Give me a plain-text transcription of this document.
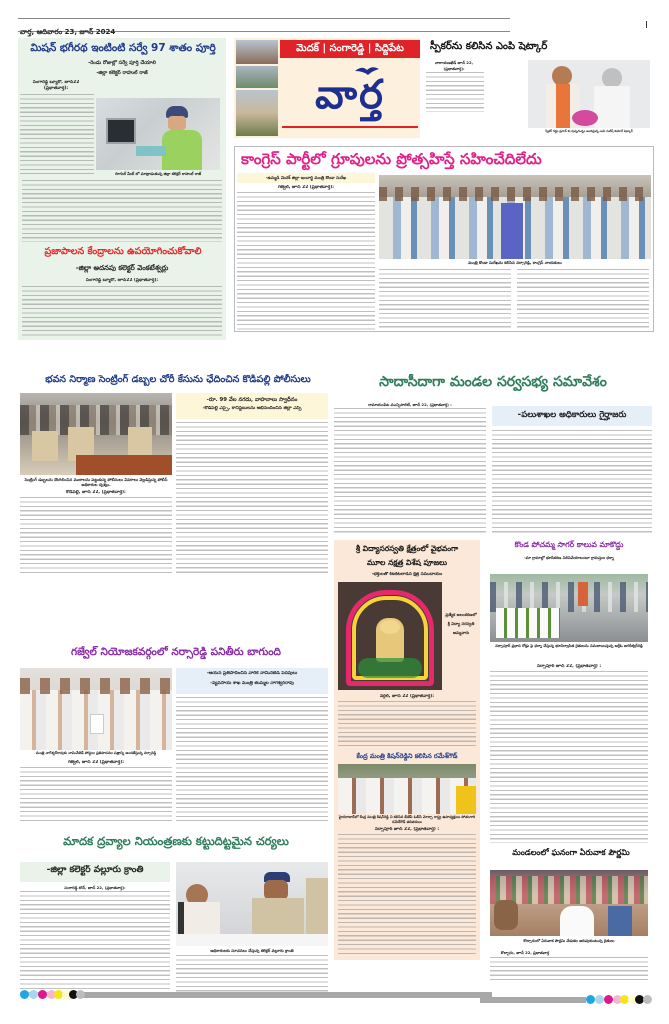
వార్త, ఆదివారం 23, జూన్ 2024
I
మిషన్ భగీరథ ఇంటింటి సర్వే 97 శాతం పూర్తి
-రెండు రోజుల్లో సర్వే పూర్తి చేయాలి
-జిల్లా కలెక్టర్ రాహుల్ రాజ్
సంగారెడ్డి బ్యూరో, జూన్22 (ప్రభాతవార్త):
గూగుల్ మీట్ లో మాట్లాడుతున్న జిల్లా కలెక్టర్ రాహుల్ రాజ్
ప్రజాపాలన కేంద్రాలను ఉపయోగించుకోవాలి
-జిల్లా అదనపు కలెక్టర్ వెంకటేశ్వర్లు
సంగారెడ్డి బ్యూరో, జూన్22 (ప్రభాతవార్త):
మెదక్ | సంగారెడ్డి | సిద్దిపేట
వార్త
స్పీకర్‌ను కలిసిన ఎంపి షెట్కార్
నారాయణఖేడ్ జూన్ 22, (ప్రభాతవార్త):
స్పీకర్ గడ్డం ప్రసాద్ కు పుష్పగుచ్ఛం అందిస్తున్న ఎంపి సురేష్ కుమార్ షెట్కార్
కాంగ్రెస్ పార్టీలో గ్రూపులను ప్రోత్సహిస్తే సహించేదిలేదు
-ఉమ్మడి మెదక్ జిల్లా ఇంచార్జి మంత్రి కొండా సురేఖ
గజ్వేల్, జూన్ 22 (ప్రభాతవార్త):
మంత్రి కొండా సురేఖను కలిసిన నర్సారెడ్డి, కాంగ్రెస్ నాయకులు
భవన నిర్మాణ సెంట్రింగ్ డబ్బల చోరీ కేసును ఛేదించిన కొడిపల్లి పోలీసులు
సెంట్రింగ్ డబ్బలను దొంగిలించిన ముఠాలను పట్టుకున్న పోలీసులు వివరాలు వెల్లడిస్తున్న పోలీస్ అధికారుల దృశ్యం.
కొడిపల్లి, జూన్ 22, (ప్రభాతవార్త):
-రూ. 99 వేల నగదు, వాహనాలు స్వాధీనం
-కొడిపల్లి ఎస్సై, కానిస్టేబులను అభినందించిన జిల్లా ఎస్పీ
గజ్వేల్ నియోజకవర్గంలో నర్సారెడ్డి పనితీరు బాగుంది
మంత్రి నాగేశ్వర్‌రావుకు నామినేటెడ్ పోస్టుల ప్రతిపాదనల పత్రాన్ని అందజేస్తున్న నర్సారెడ్డి
గజ్వేల్, జూన్ 22 (ప్రభాతవార్త):
-ఆయన ప్రతిపాదించిన వారికే నామినేటెడ్ పదవులు
-వ్యవసాయ శాఖ మంత్రి తుమ్మల నాగేశ్వర్‌రావు
మాదక ద్రవ్యాల నియంత్రణకు కట్టుదిట్టమైన చర్యలు
-జిల్లా కలెక్టర్ వల్లూరు క్రాంతి
సంగారెడ్డి టౌన్, జూన్ 22, (ప్రభాతవార్త):
అధికారులకు సూచనలు చేస్తున్న కలెక్టర్ వల్లూరు క్రాంతి
సాదాసీదాగా మండల సర్వసభ్య సమావేశం
రామాయంపేట మున్సిపాలిటీ, జూన్ 22, (ప్రభాతవార్త) :
-పలుశాఖల అధికారులు గైర్హాజరు
శ్రీ విద్యాసరస్వతి క్షేత్రంలో వైభవంగా
మూల నక్షత్ర విశేష పూజలు
-భక్తులతో కిటకిటలాడిన క్షేత్ర సముదాయం
ప్రత్యేక అలంకరణలో శ్రీ విద్యా సరస్వతి అమ్మవారు
వర్గల్, జూన్ 22 (ప్రభాతవార్త):
కేంద్ర మంత్రి కిషన్‌రెడ్డిని కలిసిన రమేశ్‌గౌడ్
హైదరాబాద్‌లో కేంద్ర మంత్రి కిషన్‌రెడ్డి ని కలిసిన బీజేపీ ఓబీసీ మోర్చా రాష్ట్ర ఉపాధ్యక్షులు పోతంగారి రమేశ్‌గౌడ్ తదితరులు
నర్సాపూర్ జూన్ 22, (ప్రభాతవార్త) :
కొండ పోచమ్మ సాగర్ కాలువ మాకొద్దు
-మా గ్రామాల్లో భూసేకరణ నిలిపివేయాలంటూ గ్రామస్తుల ధర్నా
నర్సాపూర్ ప్రధాన రోడ్డు పై ధర్నా చేస్తున్న భూనిర్వాసిత రైతులను సమదాయిస్తున్న ఆర్డీఓ జగదీశ్వర్‌రెడ్డి
నర్సాపూర్ జూన్ 22, (ప్రభాతవార్త) :
మండలంలో ఘనంగా ఏరువాక పౌర్ణమి
కొల్చారంలో ఏరువాక పౌర్ణమి వేడుకల జరుపుకుంటున్న రైతులు
కొల్చారం, జూన్ 22, ప్రభాతవార్త
